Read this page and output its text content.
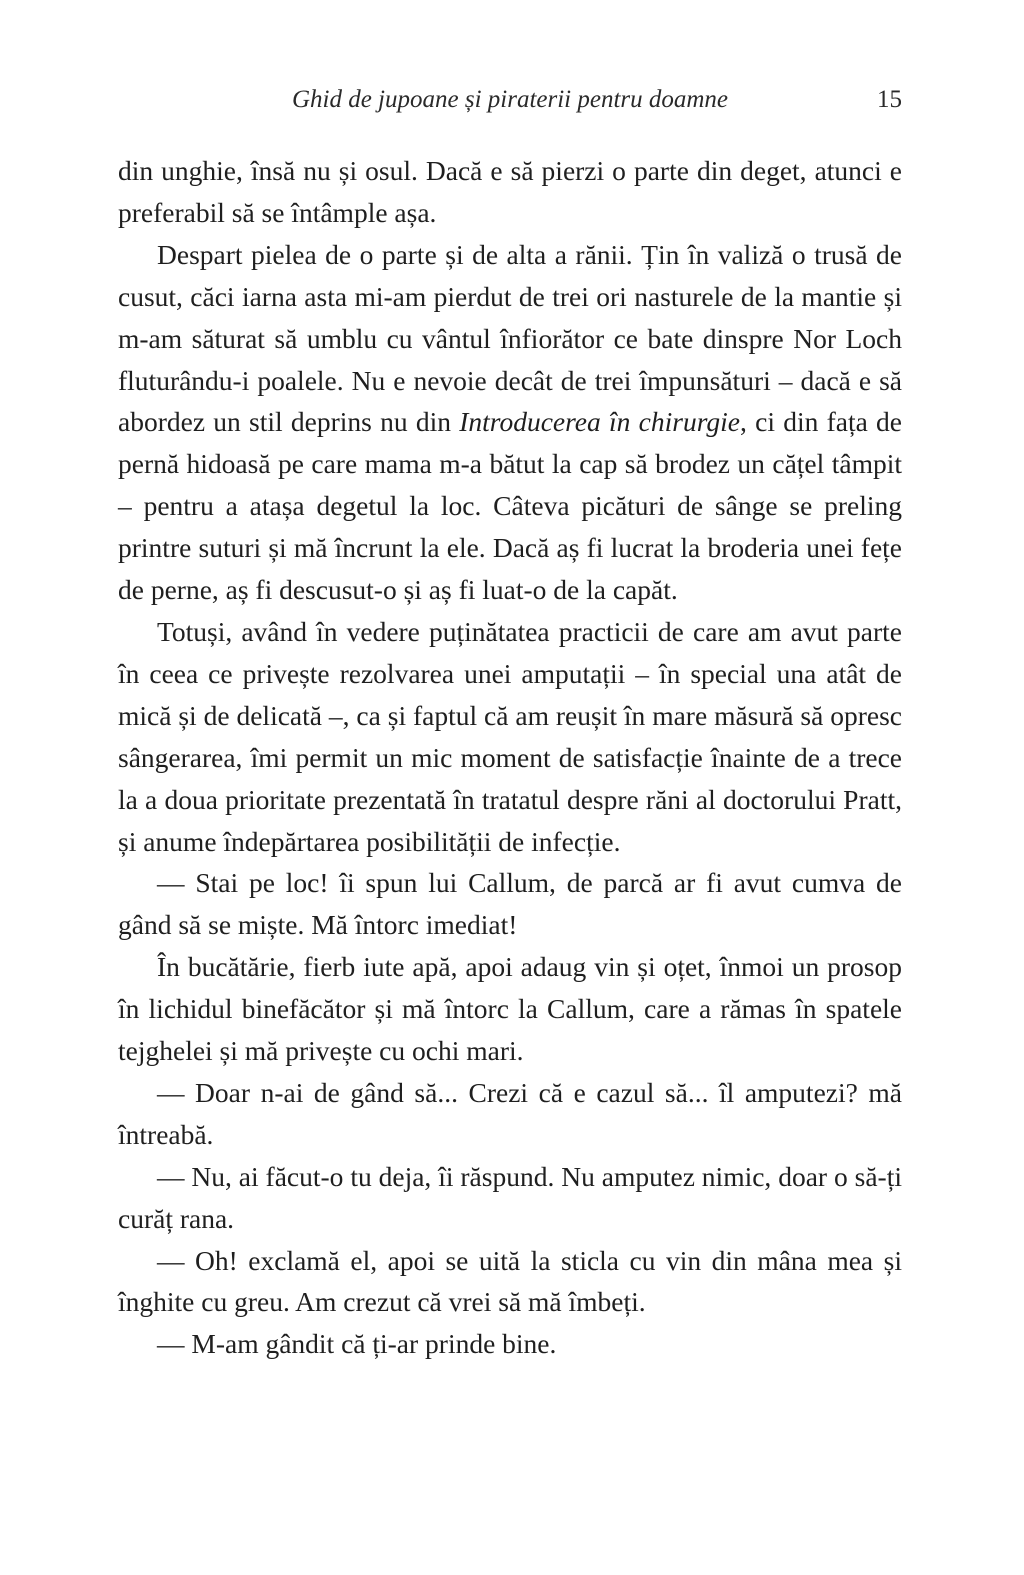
Ghid de jupoane și piraterii pentru doamne	15

din unghie, însă nu și osul. Dacă e să pierzi o parte din deget, atunci e preferabil să se întâmple așa.

Despart pielea de o parte și de alta a rănii. Țin în valiză o trusă de cusut, căci iarna asta mi-am pierdut de trei ori nasturele de la mantie și m-am săturat să umblu cu vântul înfiorător ce bate dinspre Nor Loch fluturându-i poalele. Nu e nevoie decât de trei împunsături – dacă e să abordez un stil deprins nu din Introducerea în chirurgie, ci din fața de pernă hidoasă pe care mama m-a bătut la cap să brodez un cățel tâmpit – pentru a atașa degetul la loc. Câteva picături de sânge se preling printre suturi și mă încrunt la ele. Dacă aș fi lucrat la broderia unei fețe de perne, aș fi descusut-o și aș fi luat-o de la capăt.

Totuși, având în vedere puținătatea practicii de care am avut parte în ceea ce privește rezolvarea unei amputații – în special una atât de mică și de delicată –, ca și faptul că am reușit în mare măsură să opresc sângerarea, îmi permit un mic moment de satisfacție înainte de a trece la a doua prioritate prezentată în tratatul despre răni al doctorului Pratt, și anume îndepărtarea posibilității de infecție.

— Stai pe loc! îi spun lui Callum, de parcă ar fi avut cumva de gând să se miște. Mă întorc imediat!

În bucătărie, fierb iute apă, apoi adaug vin și oțet, înmoi un prosop în lichidul binefăcător și mă întorc la Callum, care a rămas în spatele tejghelei și mă privește cu ochi mari.

— Doar n-ai de gând să... Crezi că e cazul să... îl amputezi? mă întreabă.

— Nu, ai făcut-o tu deja, îi răspund. Nu amputez nimic, doar o să-ți curăț rana.

— Oh! exclamă el, apoi se uită la sticla cu vin din mâna mea și înghite cu greu. Am crezut că vrei să mă îmbeți.

— M-am gândit că ți-ar prinde bine.
